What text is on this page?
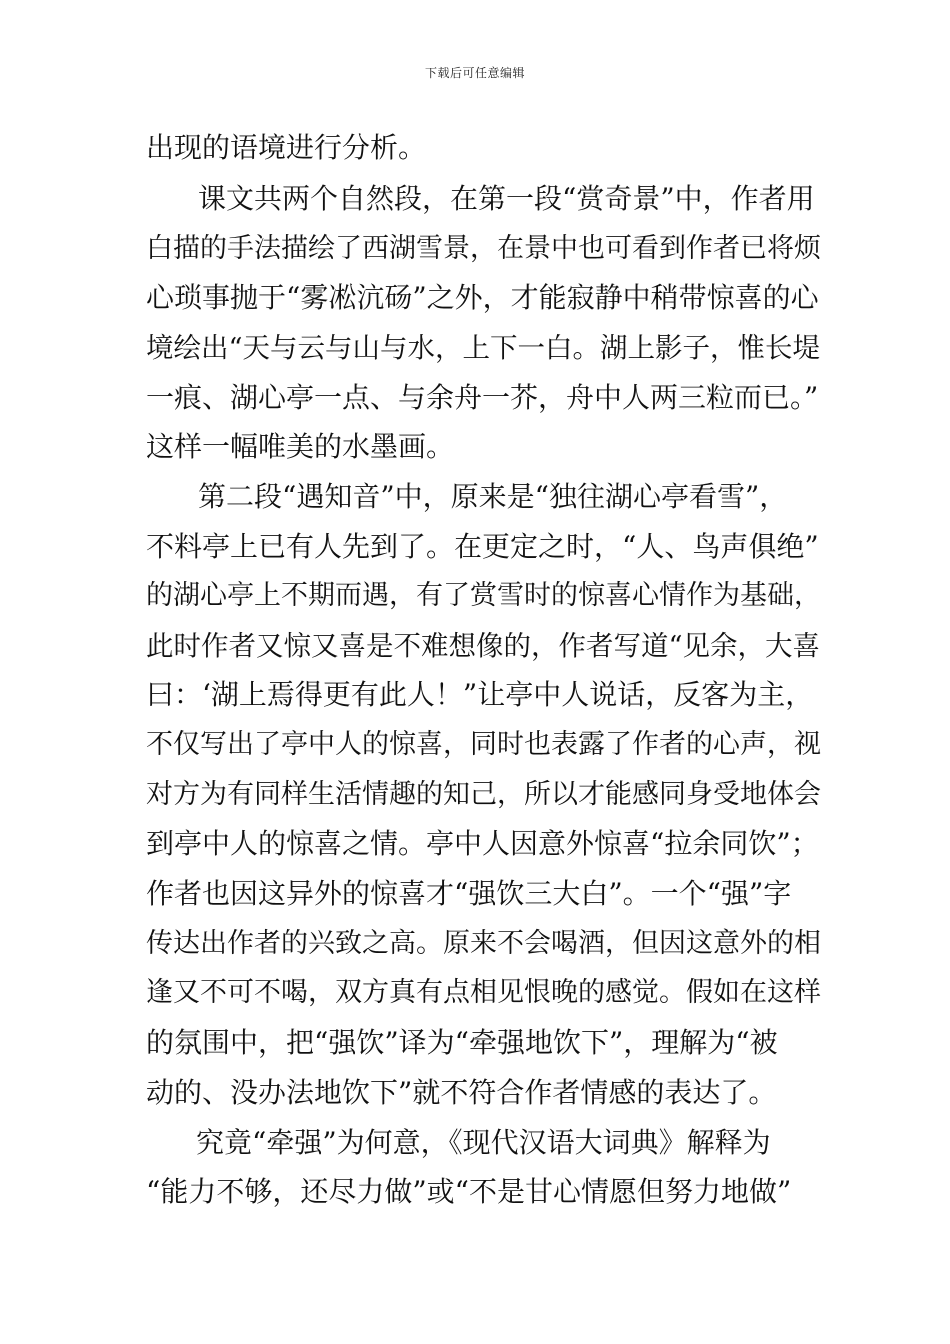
下载后可任意编辑
出现的语境进行分析。
课文共两个自然段，在第一段“赏奇景”中，作者用
白描的手法描绘了西湖雪景，在景中也可看到作者已将烦
心琐事抛于“雾凇沆砀”之外，才能寂静中稍带惊喜的心
境绘出“天与云与山与水，上下一白。湖上影子，惟长堤
一痕、湖心亭一点、与余舟一芥，舟中人两三粒而已。”
这样一幅唯美的水墨画。
第二段“遇知音”中，原来是“独往湖心亭看雪”，
不料亭上已有人先到了。在更定之时，“人、鸟声俱绝”
的湖心亭上不期而遇，有了赏雪时的惊喜心情作为基础，
此时作者又惊又喜是不难想像的，作者写道“见余，大喜
曰：‘湖上焉得更有此人！”让亭中人说话，反客为主，
不仅写出了亭中人的惊喜，同时也表露了作者的心声，视
对方为有同样生活情趣的知己，所以才能感同身受地体会
到亭中人的惊喜之情。亭中人因意外惊喜“拉余同饮”；
作者也因这异外的惊喜才“强饮三大白”。一个“强”字
传达出作者的兴致之高。原来不会喝酒，但因这意外的相
逢又不可不喝，双方真有点相见恨晚的感觉。假如在这样
的氛围中，把“强饮”译为“牵强地饮下”，理解为“被
动的、没办法地饮下”就不符合作者情感的表达了。
究竟“牵强”为何意，《现代汉语大词典》解释为
“能力不够，还尽力做”或“不是甘心情愿但努力地做”
